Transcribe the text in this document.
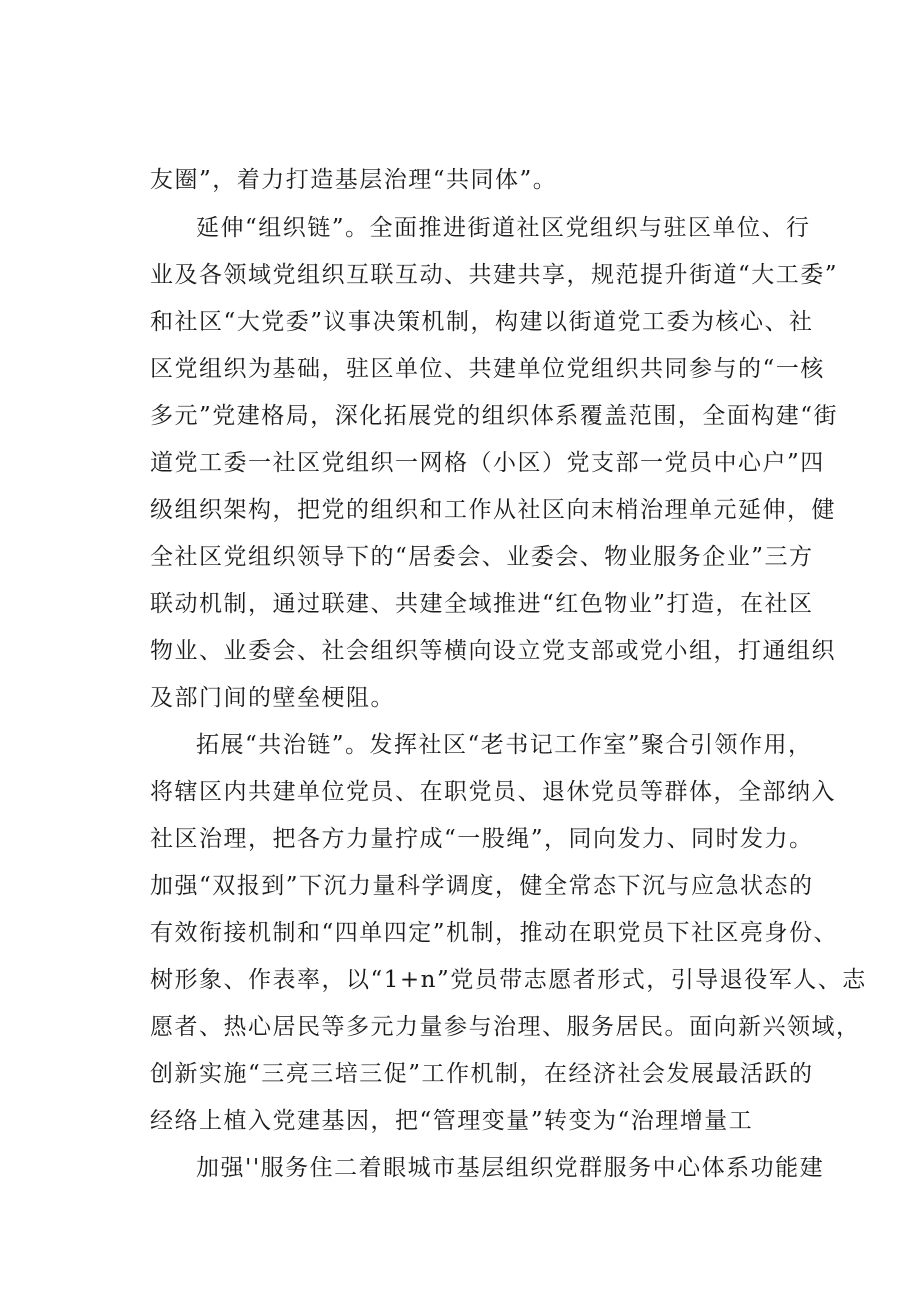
友圈”，着力打造基层治理“共同体”。
延伸“组织链”。全面推进街道社区党组织与驻区单位、行
业及各领域党组织互联互动、共建共享，规范提升街道“大工委”
和社区“大党委”议事决策机制，构建以街道党工委为核心、社
区党组织为基础，驻区单位、共建单位党组织共同参与的“一核
多元”党建格局，深化拓展党的组织体系覆盖范围，全面构建“街
道党工委一社区党组织一网格（小区）党支部一党员中心户”四
级组织架构，把党的组织和工作从社区向末梢治理单元延伸，健
全社区党组织领导下的“居委会、业委会、物业服务企业”三方
联动机制，通过联建、共建全域推进“红色物业”打造，在社区
物业、业委会、社会组织等横向设立党支部或党小组，打通组织
及部门间的壁垒梗阻。
拓展“共治链”。发挥社区“老书记工作室”聚合引领作用，
将辖区内共建单位党员、在职党员、退休党员等群体，全部纳入
社区治理，把各方力量拧成“一股绳”，同向发力、同时发力。
加强“双报到”下沉力量科学调度，健全常态下沉与应急状态的
有效衔接机制和“四单四定”机制，推动在职党员下社区亮身份、
树形象、作表率，以“1+n”党员带志愿者形式，引导退役军人、志
愿者、热心居民等多元力量参与治理、服务居民。面向新兴领域，
创新实施“三亮三培三促”工作机制，在经济社会发展最活跃的
经络上植入党建基因，把“管理变量”转变为“治理增量工
加强''服务住二着眼城市基层组织党群服务中心体系功能建
